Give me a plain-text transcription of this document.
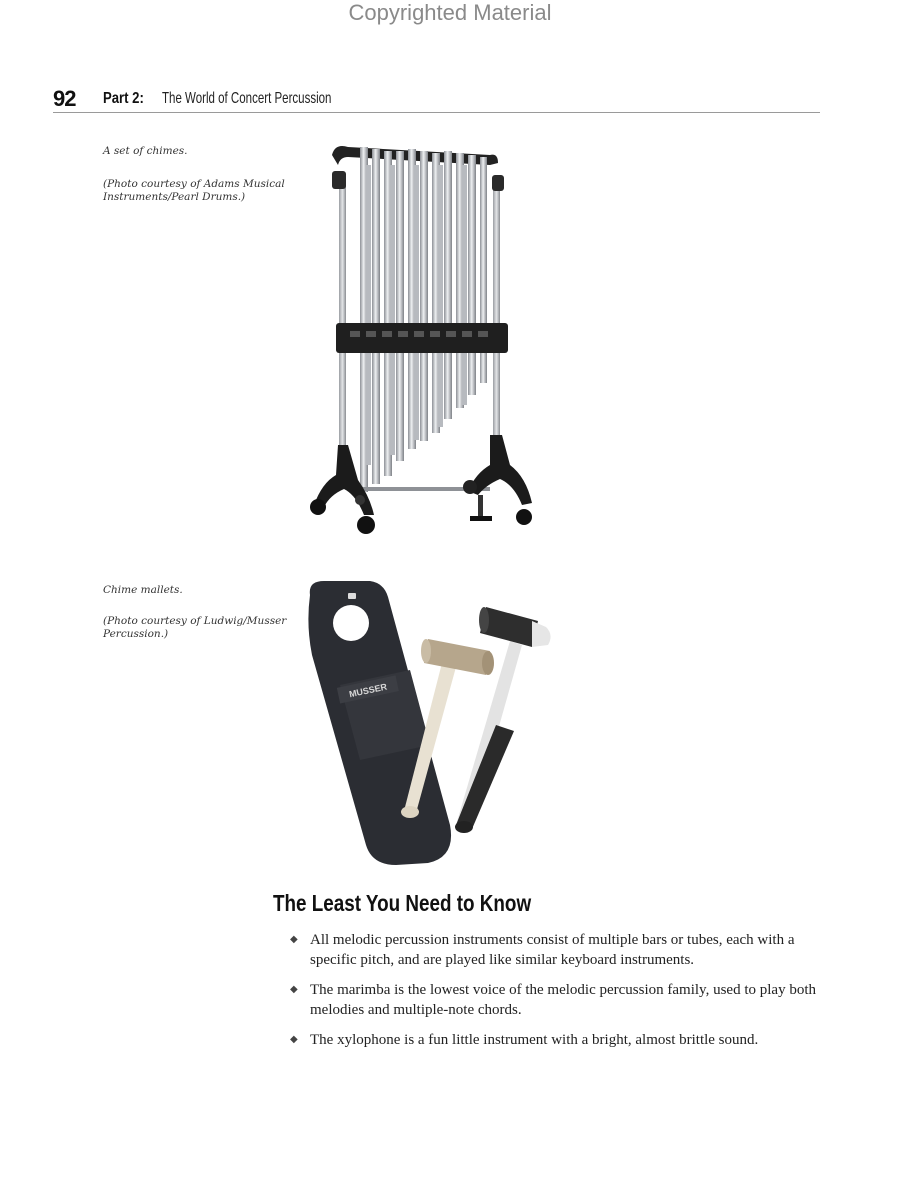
Copyrighted Material
92 Part 2: The World of Concert Percussion
A set of chimes.
(Photo courtesy of Adams Musical Instruments/Pearl Drums.)
Chime mallets.
(Photo courtesy of Ludwig/Musser Percussion.)
MUSSER
The Least You Need to Know
◆ All melodic percussion instruments consist of multiple bars or tubes, each with a specific pitch, and are played like similar keyboard instruments.
◆ The marimba is the lowest voice of the melodic percussion family, used to play both melodies and multiple-note chords.
◆ The xylophone is a fun little instrument with a bright, almost brittle sound.
